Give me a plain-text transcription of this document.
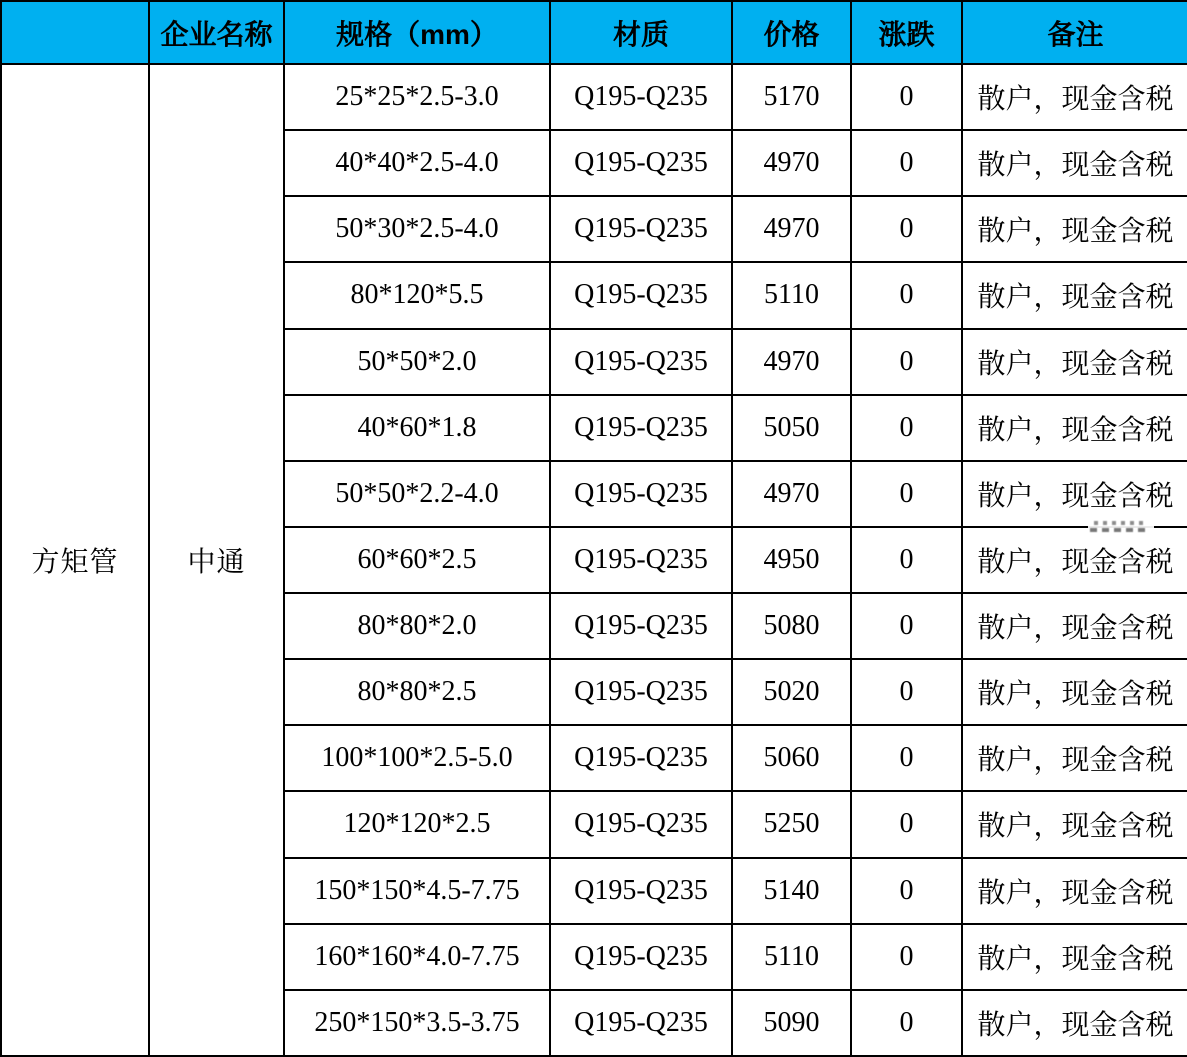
	企业名称	规格（mm）	材质	价格	涨跌	备注
方矩管	中通	25*25*2.5-3.0	Q195-Q235	5170	0	散户，现金含税
		40*40*2.5-4.0	Q195-Q235	4970	0	散户，现金含税
		50*30*2.5-4.0	Q195-Q235	4970	0	散户，现金含税
		80*120*5.5	Q195-Q235	5110	0	散户，现金含税
		50*50*2.0	Q195-Q235	4970	0	散户，现金含税
		40*60*1.8	Q195-Q235	5050	0	散户，现金含税
		50*50*2.2-4.0	Q195-Q235	4970	0	散户，现金含税
		60*60*2.5	Q195-Q235	4950	0	散户，现金含税
		80*80*2.0	Q195-Q235	5080	0	散户，现金含税
		80*80*2.5	Q195-Q235	5020	0	散户，现金含税
		100*100*2.5-5.0	Q195-Q235	5060	0	散户，现金含税
		120*120*2.5	Q195-Q235	5250	0	散户，现金含税
		150*150*4.5-7.75	Q195-Q235	5140	0	散户，现金含税
		160*160*4.0-7.75	Q195-Q235	5110	0	散户，现金含税
		250*150*3.5-3.75	Q195-Q235	5090	0	散户，现金含税
